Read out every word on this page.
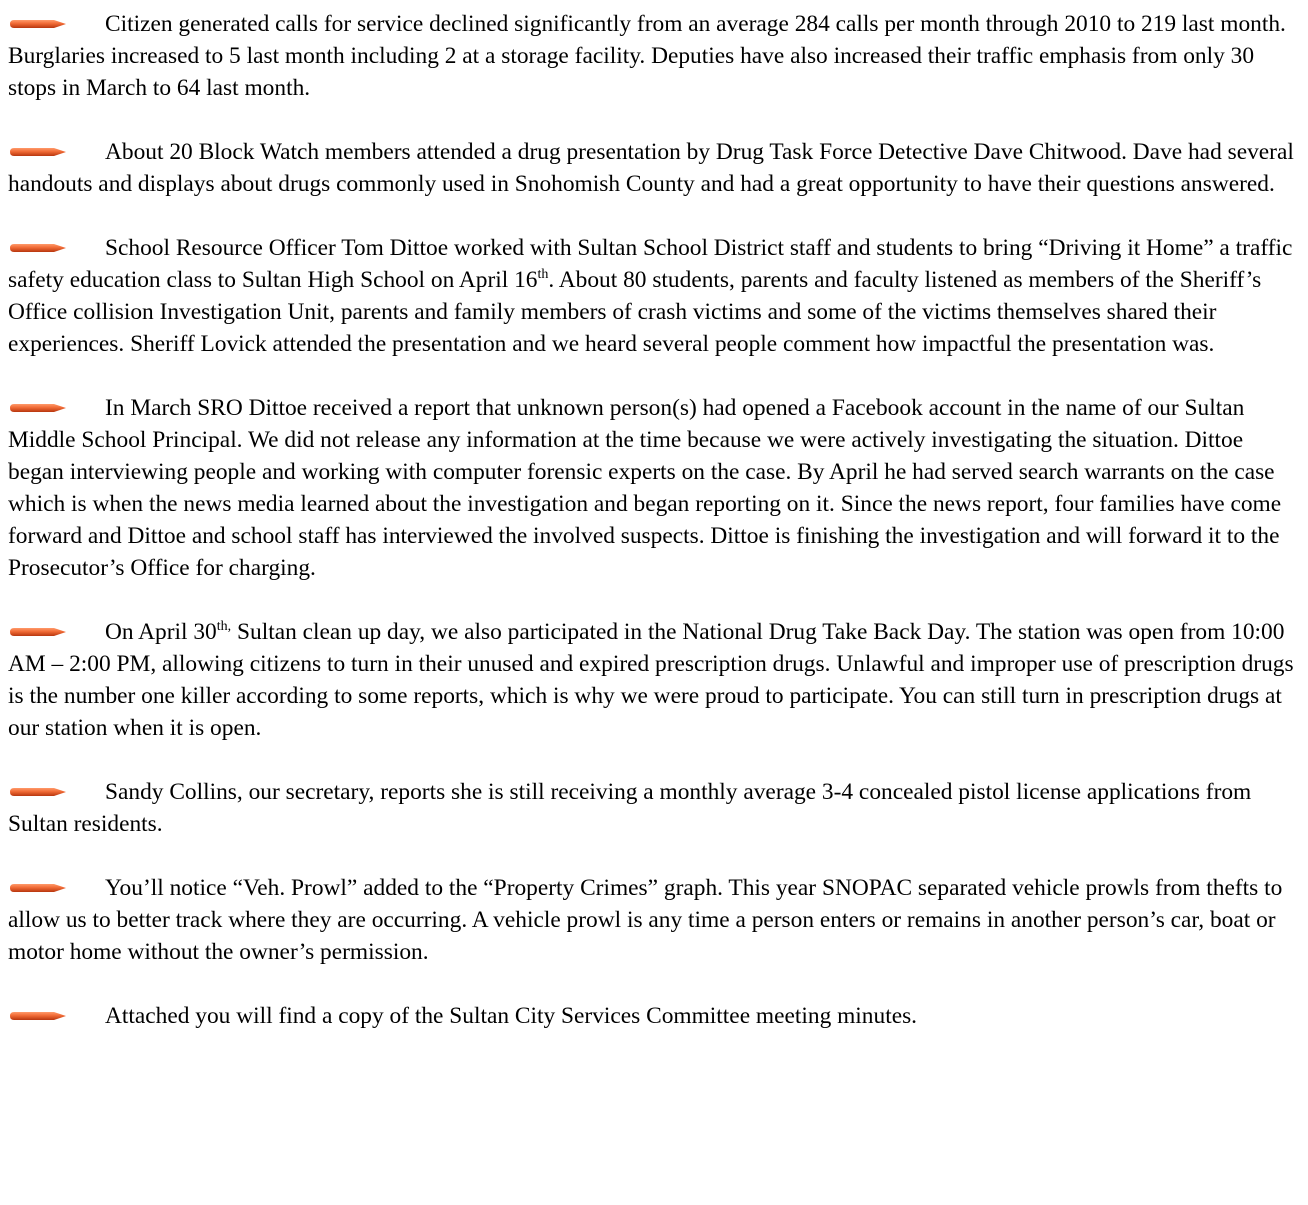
Citizen generated calls for service declined significantly from an average 284 calls per month through 2010 to 219 last month. Burglaries increased to 5 last month including 2 at a storage facility. Deputies have also increased their traffic emphasis from only 30 stops in March to 64 last month.

About 20 Block Watch members attended a drug presentation by Drug Task Force Detective Dave Chitwood. Dave had several handouts and displays about drugs commonly used in Snohomish County and had a great opportunity to have their questions answered.

School Resource Officer Tom Dittoe worked with Sultan School District staff and students to bring “Driving it Home” a traffic safety education class to Sultan High School on April 16th. About 80 students, parents and faculty listened as members of the Sheriff’s Office collision Investigation Unit, parents and family members of crash victims and some of the victims themselves shared their experiences. Sheriff Lovick attended the presentation and we heard several people comment how impactful the presentation was.

In March SRO Dittoe received a report that unknown person(s) had opened a Facebook account in the name of our Sultan Middle School Principal. We did not release any information at the time because we were actively investigating the situation. Dittoe began interviewing people and working with computer forensic experts on the case. By April he had served search warrants on the case which is when the news media learned about the investigation and began reporting on it. Since the news report, four families have come forward and Dittoe and school staff has interviewed the involved suspects. Dittoe is finishing the investigation and will forward it to the Prosecutor’s Office for charging.

On April $30^{th,}$ Sultan clean up day, we also participated in the National Drug Take Back Day. The station was open from 10:00 AM – 2:00 PM, allowing citizens to turn in their unused and expired prescription drugs. Unlawful and improper use of prescription drugs is the number one killer according to some reports, which is why we were proud to participate. You can still turn in prescription drugs at our station when it is open.

Sandy Collins, our secretary, reports she is still receiving a monthly average 3-4 concealed pistol license applications from Sultan residents.

You’ll notice “Veh. Prowl” added to the “Property Crimes” graph. This year SNOPAC separated vehicle prowls from thefts to allow us to better track where they are occurring. A vehicle prowl is any time a person enters or remains in another person’s car, boat or motor home without the owner’s permission.

Attached you will find a copy of the Sultan City Services Committee meeting minutes.
